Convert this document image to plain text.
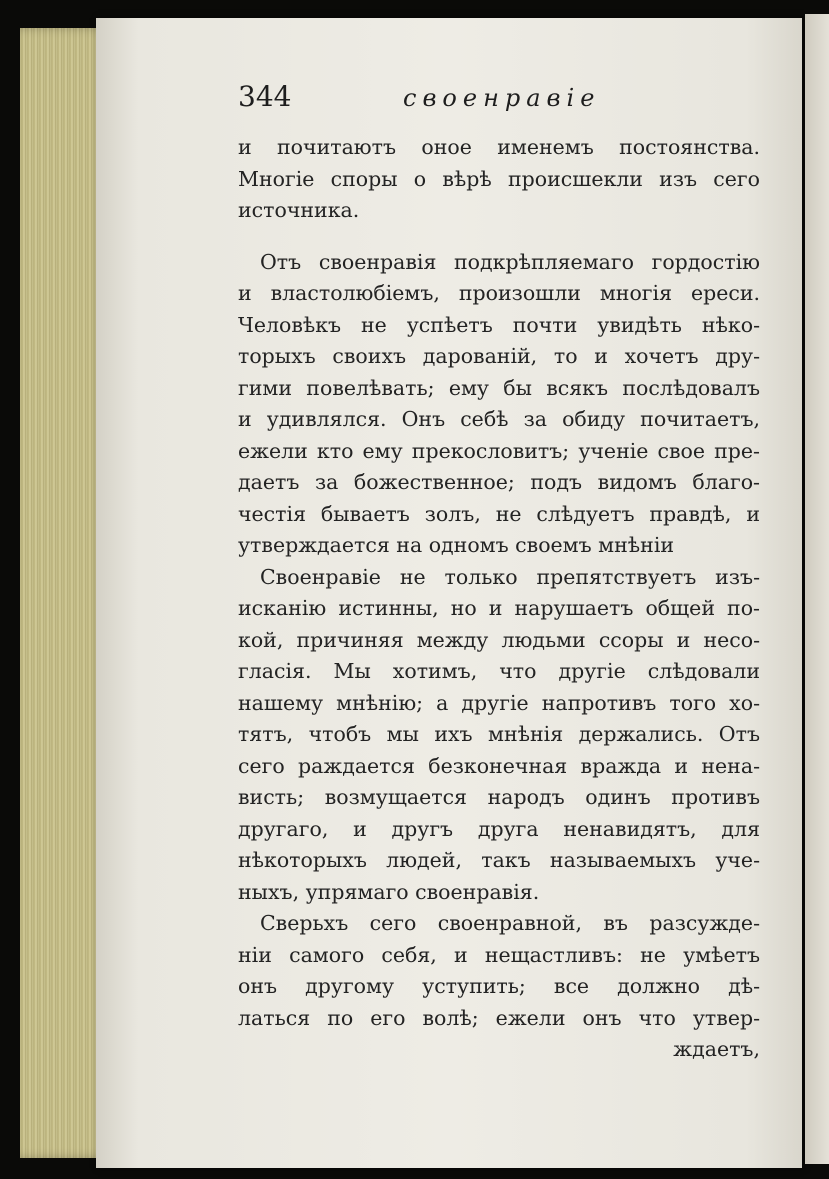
344	своенравіе
и почитаютъ оное именемъ постоянства.
Многіе споры о вѣрѣ происшекли изъ сего
источника.
Отъ своенравія подкрѣпляемаго гордостію
и властолюбіемъ, произошли многія ереси.
Человѣкъ не успѣетъ почти увидѣть нѣко-
торыхъ своихъ дарованій, то и хочетъ дру-
гими повелѣвать; ему бы всякъ послѣдовалъ
и удивлялся. Онъ себѣ за обиду почитаетъ,
ежели кто ему прекословитъ; ученіе свое пре-
даетъ за божественное; подъ видомъ благо-
честія бываетъ золъ, не слѣдуетъ правдѣ, и
утверждается на одномъ своемъ мнѣніи
Своенравіе не только препятствуетъ изъ-
исканію истинны, но и нарушаетъ общей по-
кой, причиняя между людьми ссоры и несо-
гласія. Мы хотимъ, что другіе слѣдовали
нашему мнѣнію; а другіе напротивъ того хо-
тятъ, чтобъ мы ихъ мнѣнія держались. Отъ
сего раждается безконечная вражда и нена-
висть; возмущается народъ одинъ противъ
другаго, и другъ друга ненавидятъ, для
нѣкоторыхъ людей, такъ называемыхъ уче-
ныхъ, упрямаго своенравія.
Сверьхъ сего своенравной, въ разсужде-
ніи самого себя, и нещастливъ: не умѣетъ
онъ другому уступить; все должно дѣ-
латься по его волѣ; ежели онъ что утвер-
ждаетъ,
